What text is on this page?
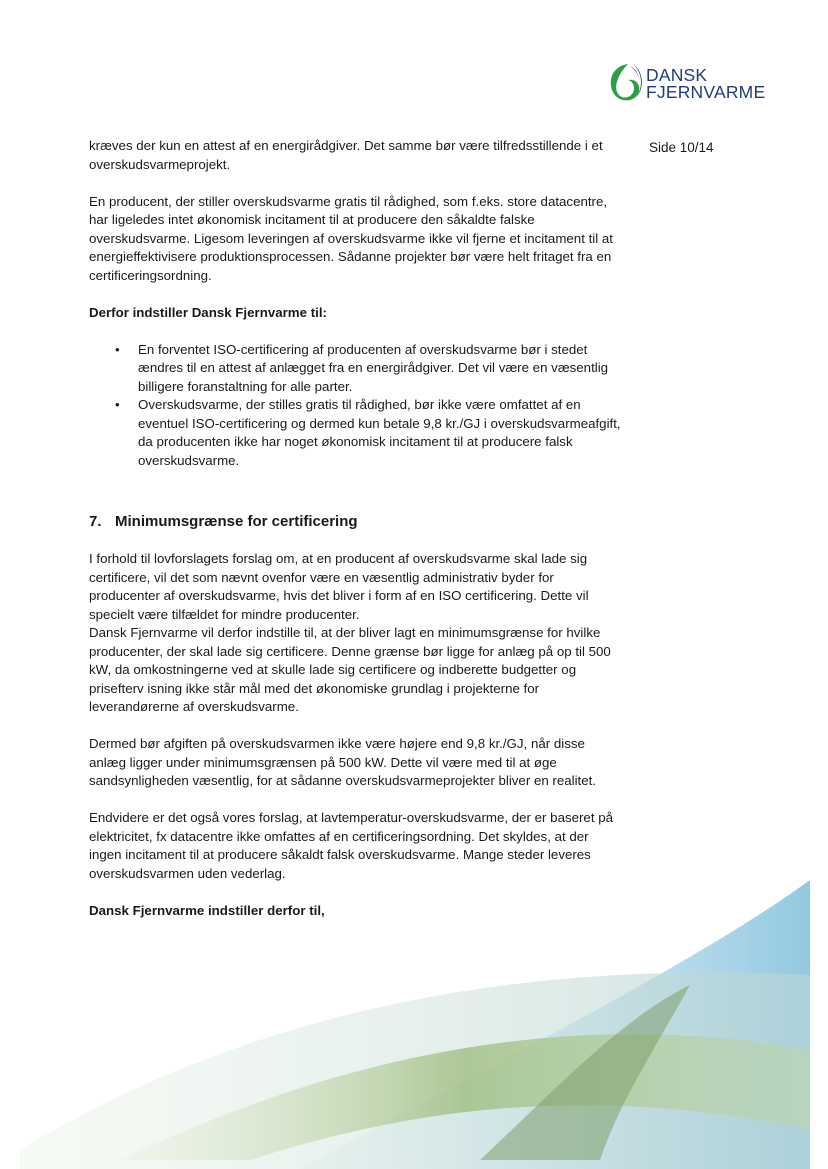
DANSK
FJERNVARME
Side 10/14

kræves der kun en attest af en energirådgiver. Det samme bør være tilfredsstillende i et overskudsvarmeprojekt.

En producent, der stiller overskudsvarme gratis til rådighed, som f.eks. store datacentre, har ligeledes intet økonomisk incitament til at producere den såkaldte falske overskudsvarme. Ligesom leveringen af overskudsvarme ikke vil fjerne et incitament til at energieffektivisere produktionsprocessen. Sådanne projekter bør være helt fritaget fra en certificeringsordning.

Derfor indstiller Dansk Fjernvarme til:

• En forventet ISO-certificering af producenten af overskudsvarme bør i stedet ændres til en attest af anlægget fra en energirådgiver. Det vil være en væsentlig billigere foranstaltning for alle parter.
• Overskudsvarme, der stilles gratis til rådighed, bør ikke være omfattet af en eventuel ISO-certificering og dermed kun betale 9,8 kr./GJ i overskudsvarmeafgift, da producenten ikke har noget økonomisk incitament til at producere falsk overskudsvarme.

7. Minimumsgrænse for certificering

I forhold til lovforslagets forslag om, at en producent af overskudsvarme skal lade sig certificere, vil det som nævnt ovenfor være en væsentlig administrativ byder for producenter af overskudsvarme, hvis det bliver i form af en ISO certificering. Dette vil specielt være tilfældet for mindre producenter.

Dansk Fjernvarme vil derfor indstille til, at der bliver lagt en minimumsgrænse for hvilke producenter, der skal lade sig certificere. Denne grænse bør ligge for anlæg på op til 500 kW, da omkostningerne ved at skulle lade sig certificere og indberette budgetter og prisefterv isning ikke står mål med det økonomiske grundlag i projekterne for leverandørerne af overskudsvarme.

Dermed bør afgiften på overskudsvarmen ikke være højere end 9,8 kr./GJ, når disse anlæg ligger under minimumsgrænsen på 500 kW. Dette vil være med til at øge sandsynligheden væsentlig, for at sådanne overskudsvarmeprojekter bliver en realitet.

Endvidere er det også vores forslag, at lavtemperatur-overskudsvarme, der er baseret på elektricitet, fx datacentre ikke omfattes af en certificeringsordning. Det skyldes, at der ingen incitament til at producere såkaldt falsk overskudsvarme. Mange steder leveres overskudsvarmen uden vederlag.

Dansk Fjernvarme indstiller derfor til,
